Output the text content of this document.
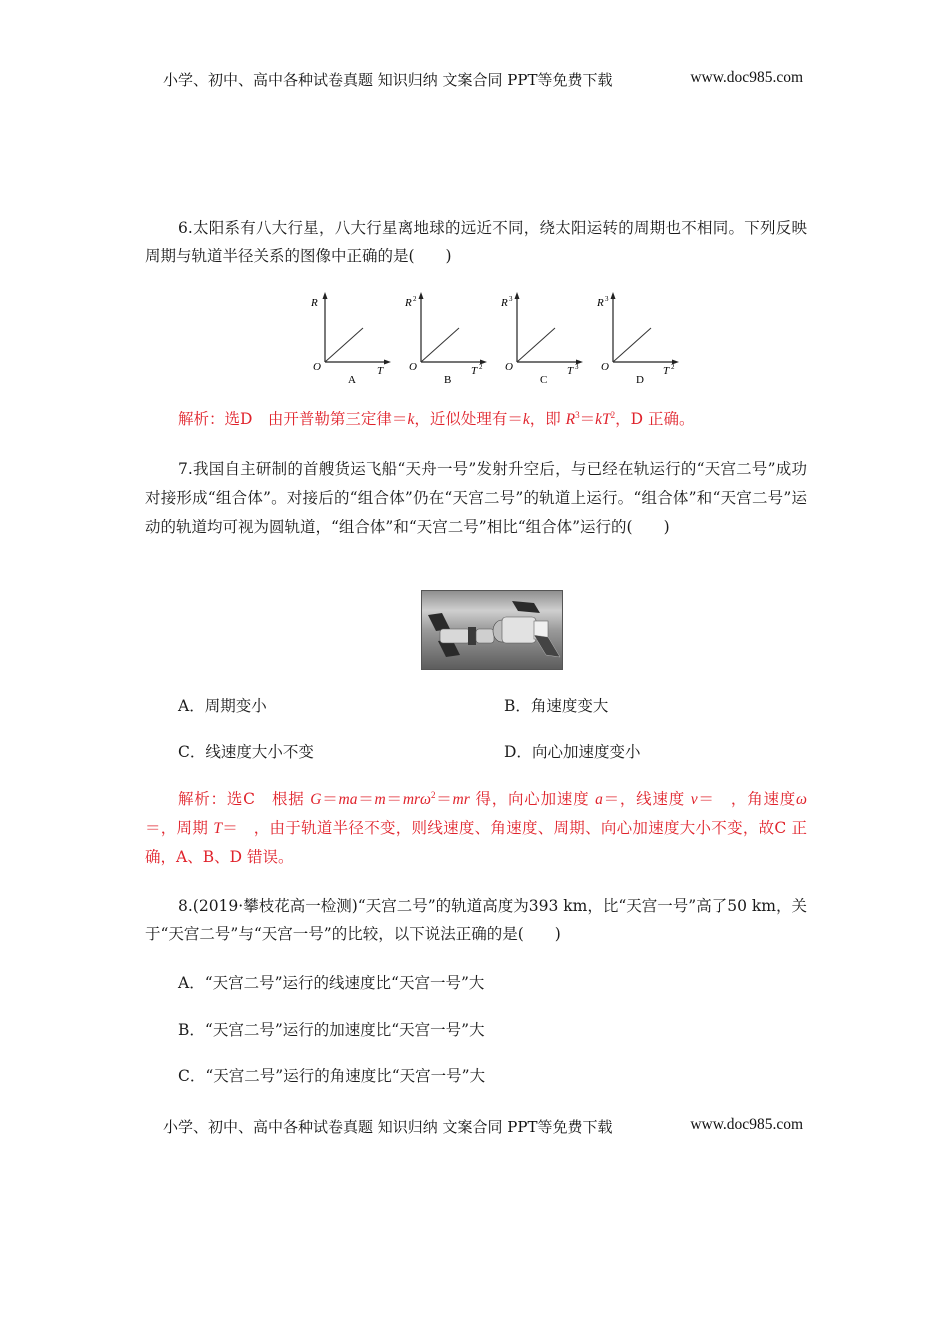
小学、初中、高中各种试卷真题 知识归纳 文案合同 PPT等免费下载	www.doc985.com
6.太阳系有八大行星，八大行星离地球的远近不同，绕太阳运转的周期也不相同。下列反映周期与轨道半径关系的图像中正确的是(　　)
R
O	T
A
R 2
O	T 2
B
R 3
O	T 3
C
R 3
O	T 2
D
解析：选D　由开普勒第三定律＝k，近似处理有＝k，即 $R^3=kT^2$，D 正确。
7.我国自主研制的首艘货运飞船“天舟一号”发射升空后，与已经在轨运行的“天宫二号”成功对接形成“组合体”。对接后的“组合体”仍在“天宫二号”的轨道上运行。“组合体”和“天宫二号”运动的轨道均可视为圆轨道，“组合体”和“天宫二号”相比“组合体”运行的(　　)
A．周期变小	B．角速度变大
C．线速度大小不变	D．向心加速度变小
解析：选C　根据 G＝ma＝m＝mrω$^2$＝mr 得，向心加速度 a＝，线速度 v＝　，角速度ω＝，周期 T＝　，由于轨道半径不变，则线速度、角速度、周期、向心加速度大小不变，故C 正确，A、B、D 错误。
8.(2019·攀枝花高一检测)“天宫二号”的轨道高度为393 km，比“天宫一号”高了50 km，关于“天宫二号”与“天宫一号”的比较，以下说法正确的是(　　)
A．“天宫二号”运行的线速度比“天宫一号”大
B．“天宫二号”运行的加速度比“天宫一号”大
C．“天宫二号”运行的角速度比“天宫一号”大
小学、初中、高中各种试卷真题 知识归纳 文案合同 PPT等免费下载	www.doc985.com
